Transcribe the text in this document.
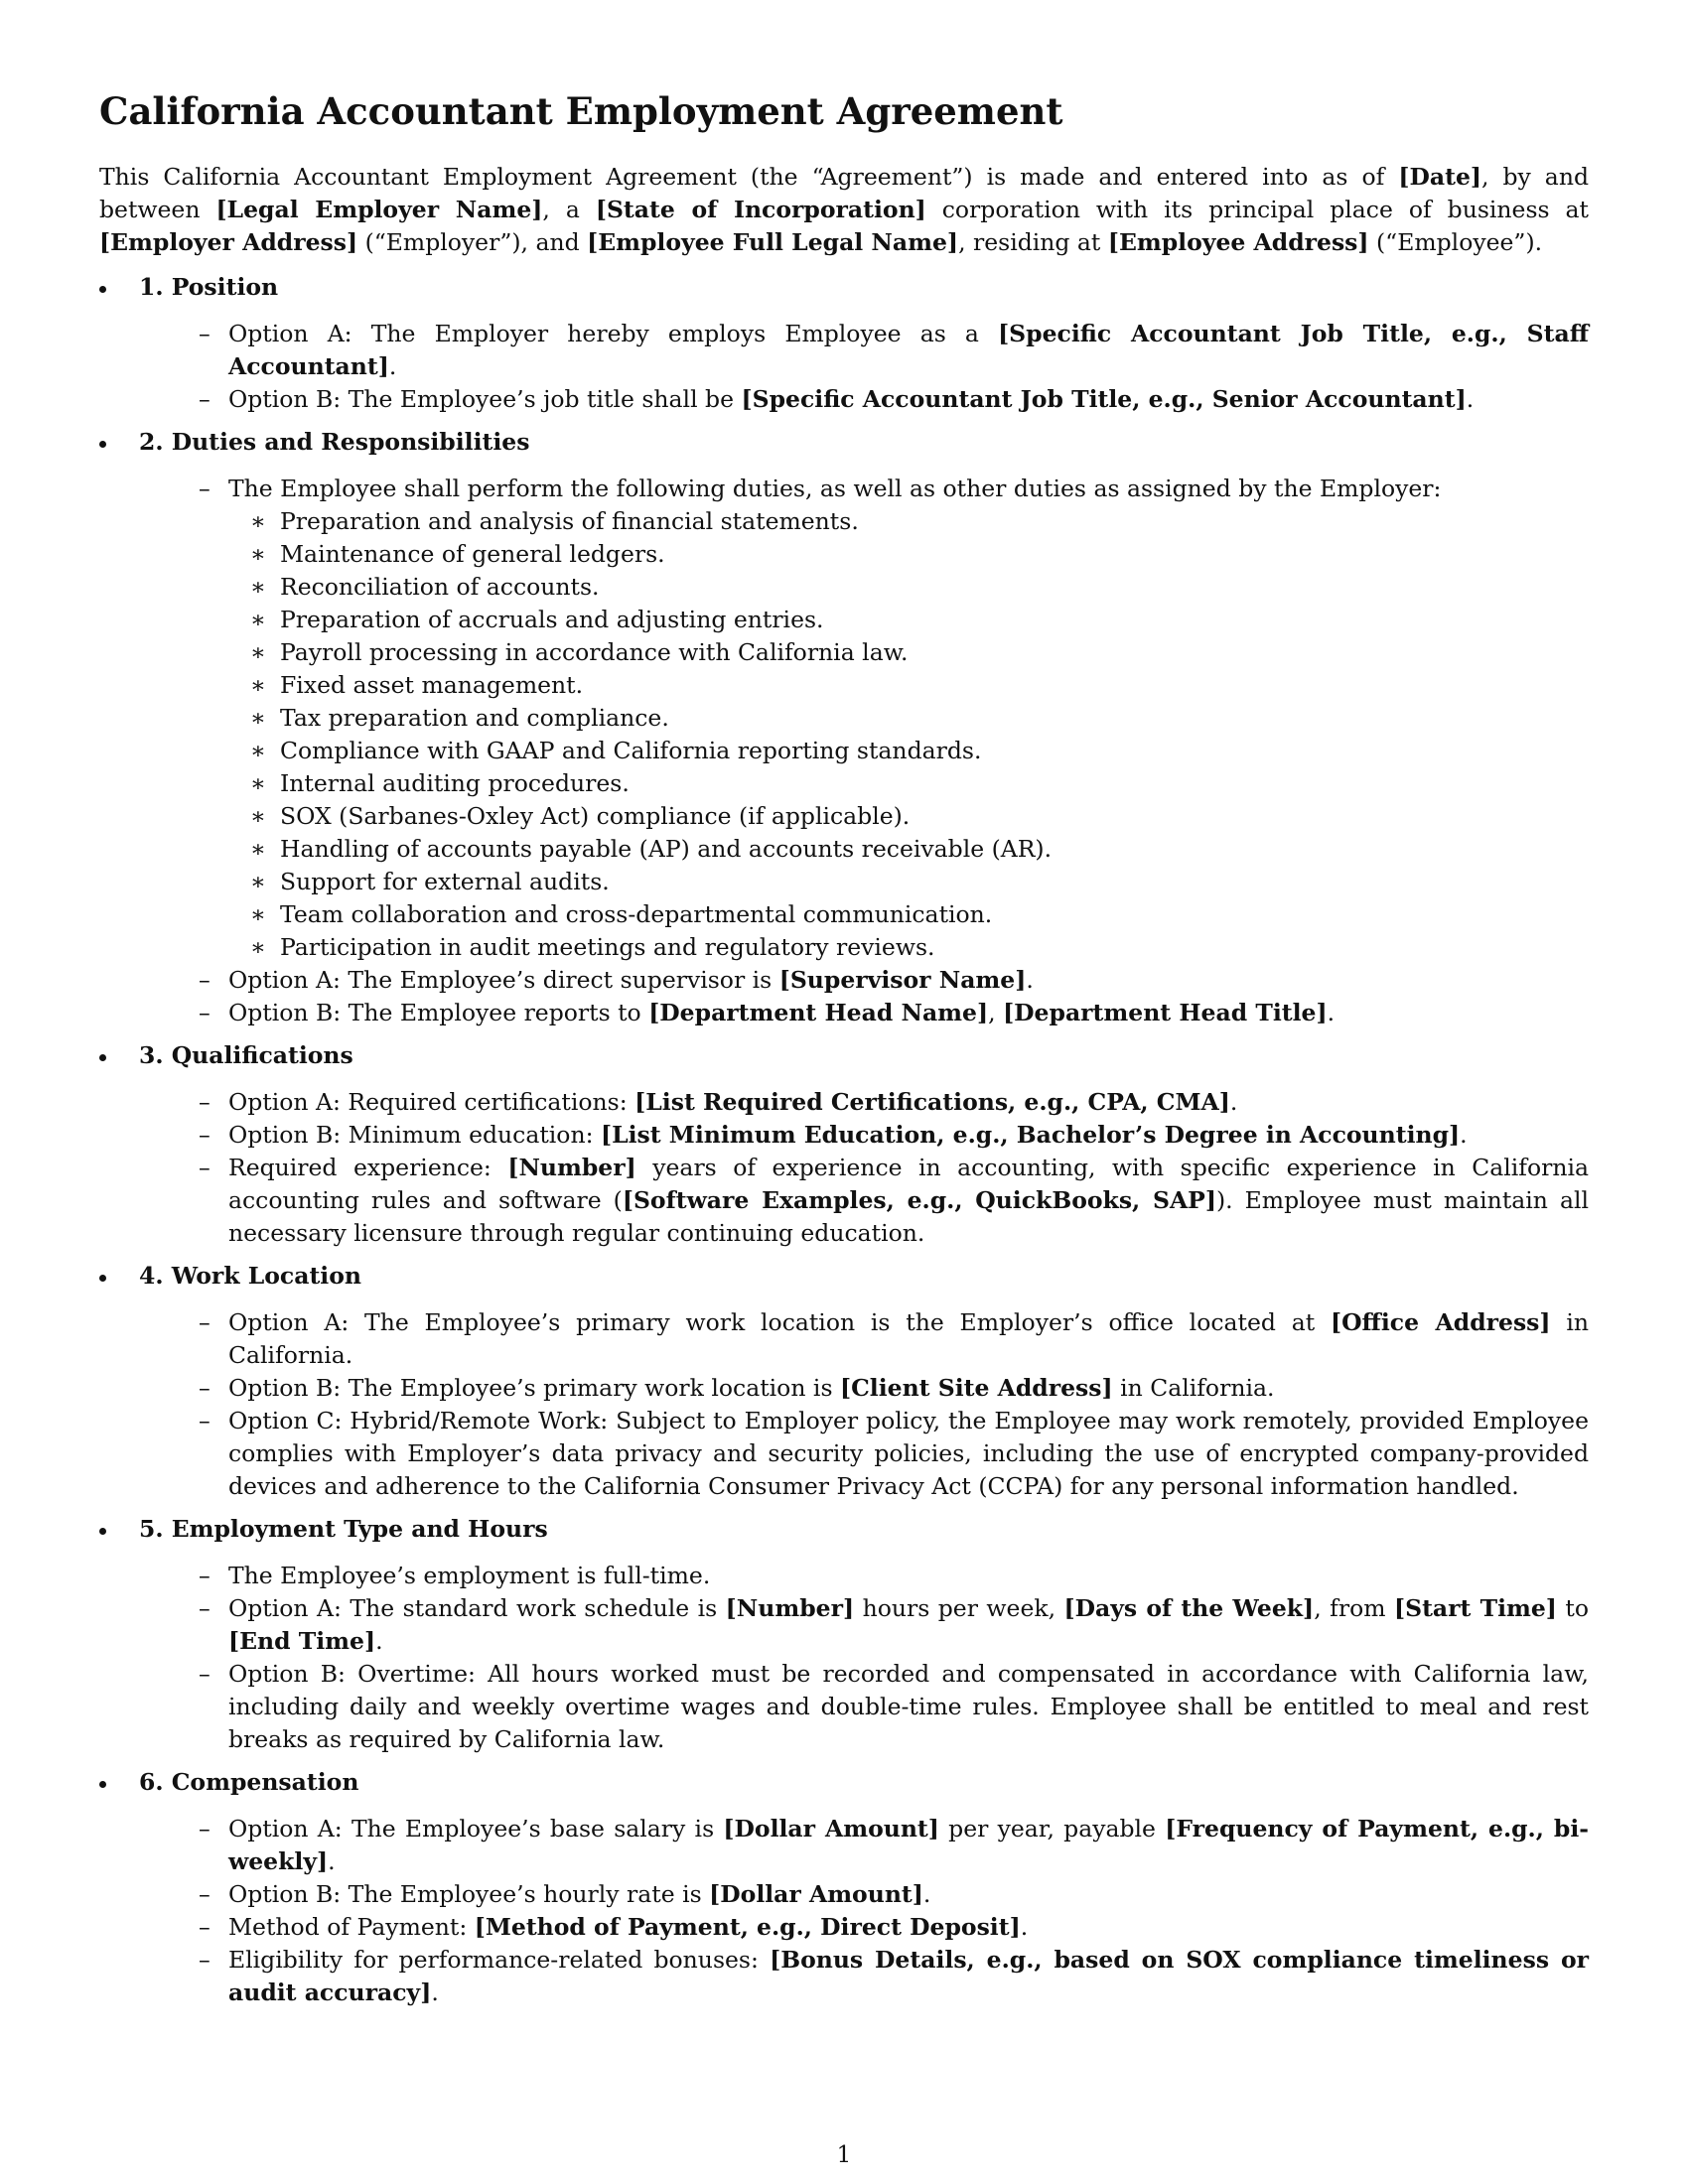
California Accountant Employment Agreement

This California Accountant Employment Agreement (the “Agreement”) is made and entered into as of [Date], by and between [Legal Employer Name], a [State of Incorporation] corporation with its principal place of business at [Employer Address] (“Employer”), and [Employee Full Legal Name], residing at [Employee Address] (“Employee”).

1. Position
– Option A: The Employer hereby employs Employee as a [Specific Accountant Job Title, e.g., Staff Accountant].
– Option B: The Employee’s job title shall be [Specific Accountant Job Title, e.g., Senior Accountant].
2. Duties and Responsibilities
– The Employee shall perform the following duties, as well as other duties as assigned by the Employer:
∗ Preparation and analysis of financial statements.
∗ Maintenance of general ledgers.
∗ Reconciliation of accounts.
∗ Preparation of accruals and adjusting entries.
∗ Payroll processing in accordance with California law.
∗ Fixed asset management.
∗ Tax preparation and compliance.
∗ Compliance with GAAP and California reporting standards.
∗ Internal auditing procedures.
∗ SOX (Sarbanes-Oxley Act) compliance (if applicable).
∗ Handling of accounts payable (AP) and accounts receivable (AR).
∗ Support for external audits.
∗ Team collaboration and cross-departmental communication.
∗ Participation in audit meetings and regulatory reviews.
– Option A: The Employee’s direct supervisor is [Supervisor Name].
– Option B: The Employee reports to [Department Head Name], [Department Head Title].
3. Qualifications
– Option A: Required certifications: [List Required Certifications, e.g., CPA, CMA].
– Option B: Minimum education: [List Minimum Education, e.g., Bachelor’s Degree in Accounting].
– Required experience: [Number] years of experience in accounting, with specific experience in California accounting rules and software ([Software Examples, e.g., QuickBooks, SAP]). Employee must maintain all necessary licensure through regular continuing education.
4. Work Location
– Option A: The Employee’s primary work location is the Employer’s office located at [Office Address] in California.
– Option B: The Employee’s primary work location is [Client Site Address] in California.
– Option C: Hybrid/Remote Work: Subject to Employer policy, the Employee may work remotely, provided Employee complies with Employer’s data privacy and security policies, including the use of encrypted company-provided devices and adherence to the California Consumer Privacy Act (CCPA) for any personal information handled.
5. Employment Type and Hours
– The Employee’s employment is full-time.
– Option A: The standard work schedule is [Number] hours per week, [Days of the Week], from [Start Time] to [End Time].
– Option B: Overtime: All hours worked must be recorded and compensated in accordance with California law, including daily and weekly overtime wages and double-time rules. Employee shall be entitled to meal and rest breaks as required by California law.
6. Compensation
– Option A: The Employee’s base salary is [Dollar Amount] per year, payable [Frequency of Payment, e.g., bi-weekly].
– Option B: The Employee’s hourly rate is [Dollar Amount].
– Method of Payment: [Method of Payment, e.g., Direct Deposit].
– Eligibility for performance-related bonuses: [Bonus Details, e.g., based on SOX compliance timeliness or audit accuracy].
1
